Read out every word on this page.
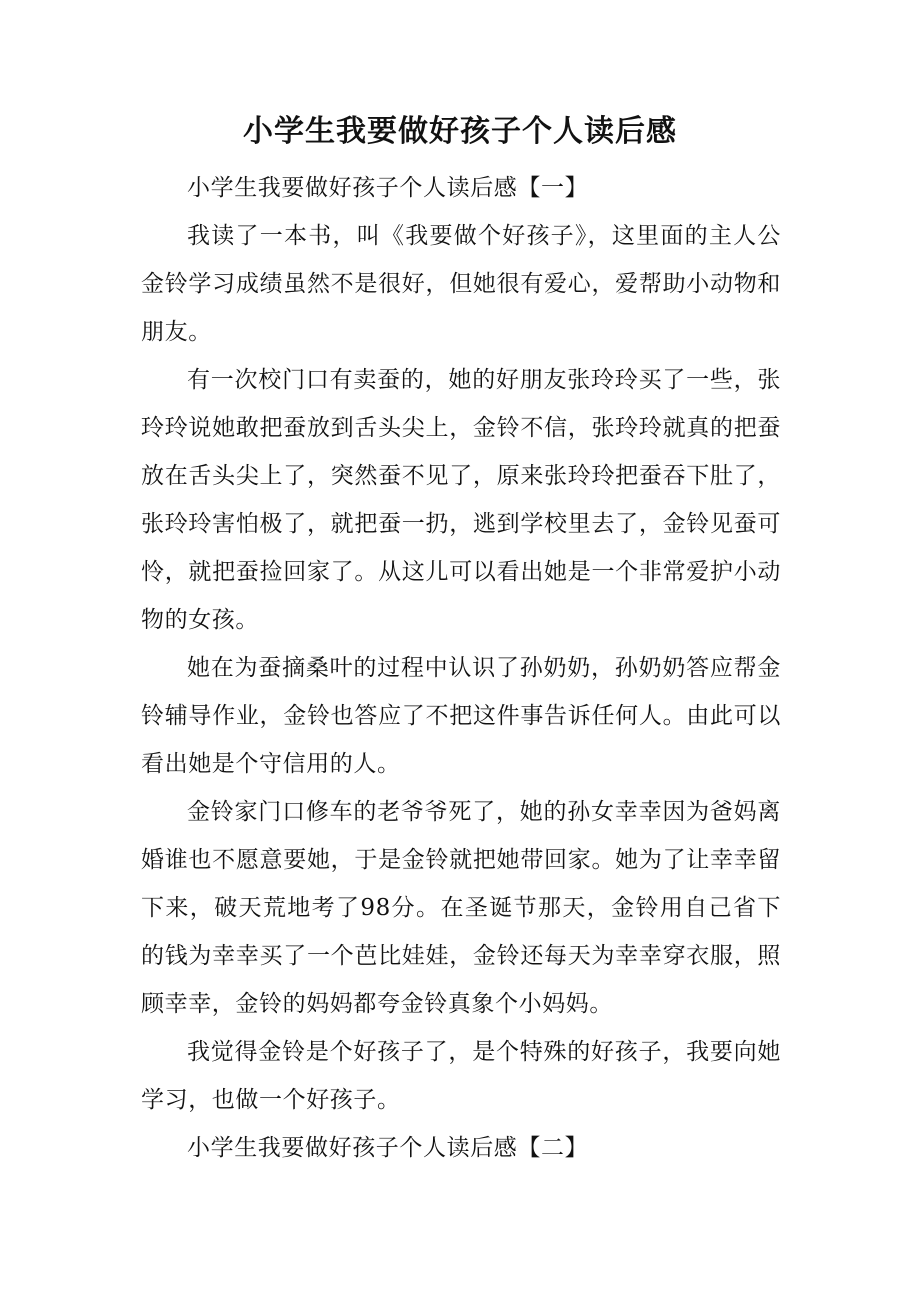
小学生我要做好孩子个人读后感

小学生我要做好孩子个人读后感【一】

我读了一本书，叫《我要做个好孩子》，这里面的主人公金铃学习成绩虽然不是很好，但她很有爱心，爱帮助小动物和朋友。

有一次校门口有卖蚕的，她的好朋友张玲玲买了一些，张玲玲说她敢把蚕放到舌头尖上，金铃不信，张玲玲就真的把蚕放在舌头尖上了，突然蚕不见了，原来张玲玲把蚕吞下肚了，张玲玲害怕极了，就把蚕一扔，逃到学校里去了，金铃见蚕可怜，就把蚕捡回家了。从这儿可以看出她是一个非常爱护小动物的女孩。

她在为蚕摘桑叶的过程中认识了孙奶奶，孙奶奶答应帮金铃辅导作业，金铃也答应了不把这件事告诉任何人。由此可以看出她是个守信用的人。

金铃家门口修车的老爷爷死了，她的孙女幸幸因为爸妈离婚谁也不愿意要她，于是金铃就把她带回家。她为了让幸幸留下来，破天荒地考了98分。在圣诞节那天，金铃用自己省下的钱为幸幸买了一个芭比娃娃，金铃还每天为幸幸穿衣服，照顾幸幸，金铃的妈妈都夸金铃真象个小妈妈。

我觉得金铃是个好孩子了，是个特殊的好孩子，我要向她学习，也做一个好孩子。

小学生我要做好孩子个人读后感【二】
